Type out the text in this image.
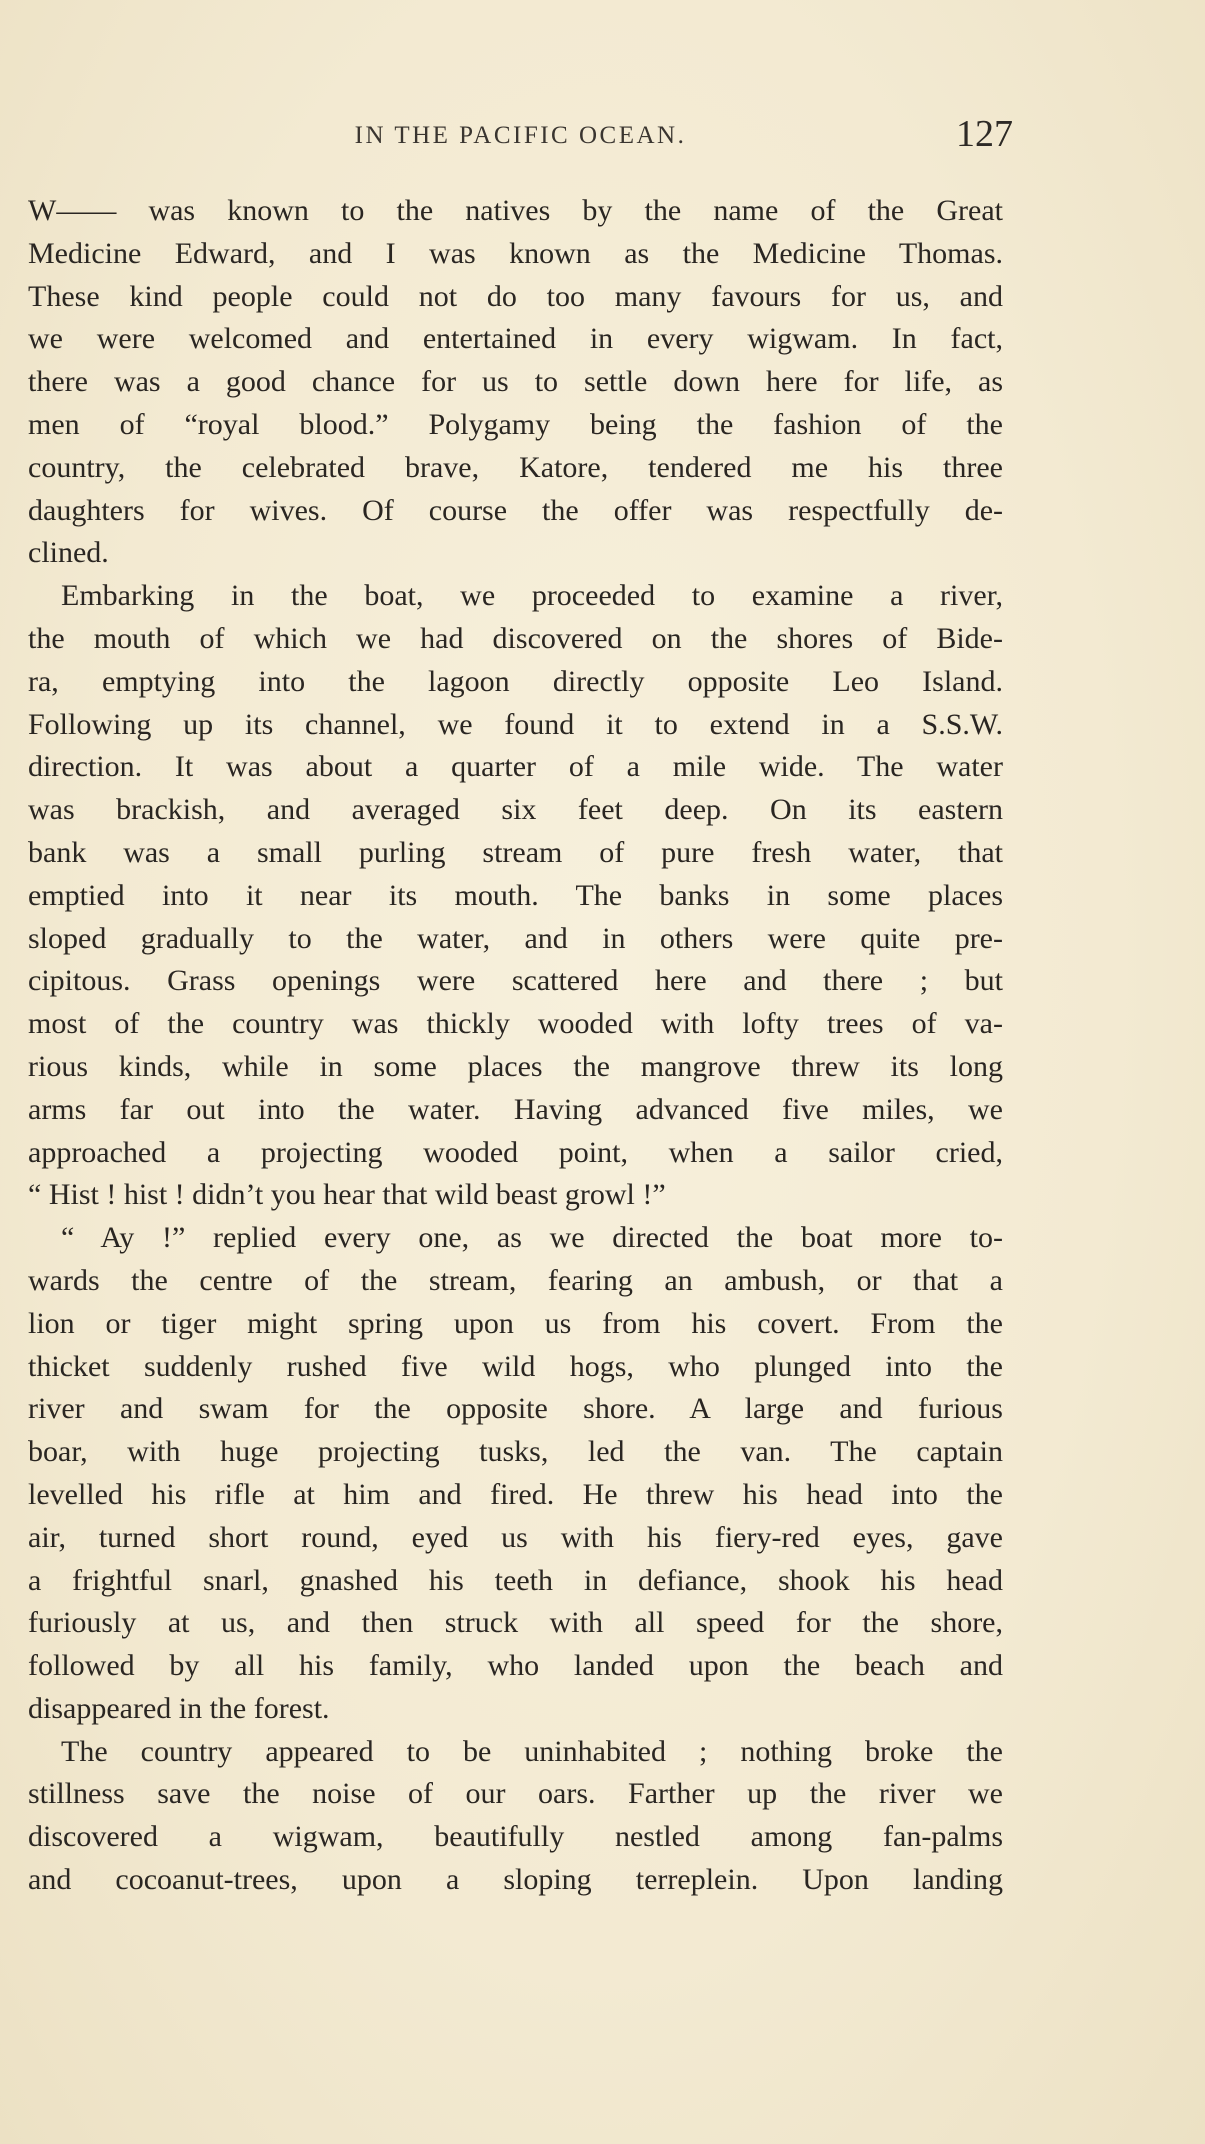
IN THE PACIFIC OCEAN.	127
W—— was known to the natives by the name of the Great
Medicine Edward, and I was known as the Medicine Thomas.
These kind people could not do too many favours for us, and
we were welcomed and entertained in every wigwam. In fact,
there was a good chance for us to settle down here for life, as
men of “royal blood.” Polygamy being the fashion of the
country, the celebrated brave, Katore, tendered me his three
daughters for wives. Of course the offer was respectfully de-
clined.
Embarking in the boat, we proceeded to examine a river,
the mouth of which we had discovered on the shores of Bide-
ra, emptying into the lagoon directly opposite Leo Island.
Following up its channel, we found it to extend in a S.S.W.
direction. It was about a quarter of a mile wide. The water
was brackish, and averaged six feet deep. On its eastern
bank was a small purling stream of pure fresh water, that
emptied into it near its mouth. The banks in some places
sloped gradually to the water, and in others were quite pre-
cipitous. Grass openings were scattered here and there ; but
most of the country was thickly wooded with lofty trees of va-
rious kinds, while in some places the mangrove threw its long
arms far out into the water. Having advanced five miles, we
approached a projecting wooded point, when a sailor cried,
“ Hist ! hist ! didn’t you hear that wild beast growl !”
“ Ay !” replied every one, as we directed the boat more to-
wards the centre of the stream, fearing an ambush, or that a
lion or tiger might spring upon us from his covert. From the
thicket suddenly rushed five wild hogs, who plunged into the
river and swam for the opposite shore. A large and furious
boar, with huge projecting tusks, led the van. The captain
levelled his rifle at him and fired. He threw his head into the
air, turned short round, eyed us with his fiery-red eyes, gave
a frightful snarl, gnashed his teeth in defiance, shook his head
furiously at us, and then struck with all speed for the shore,
followed by all his family, who landed upon the beach and
disappeared in the forest.
The country appeared to be uninhabited ; nothing broke the
stillness save the noise of our oars. Farther up the river we
discovered a wigwam, beautifully nestled among fan-palms
and cocoanut-trees, upon a sloping terreplein. Upon landing
